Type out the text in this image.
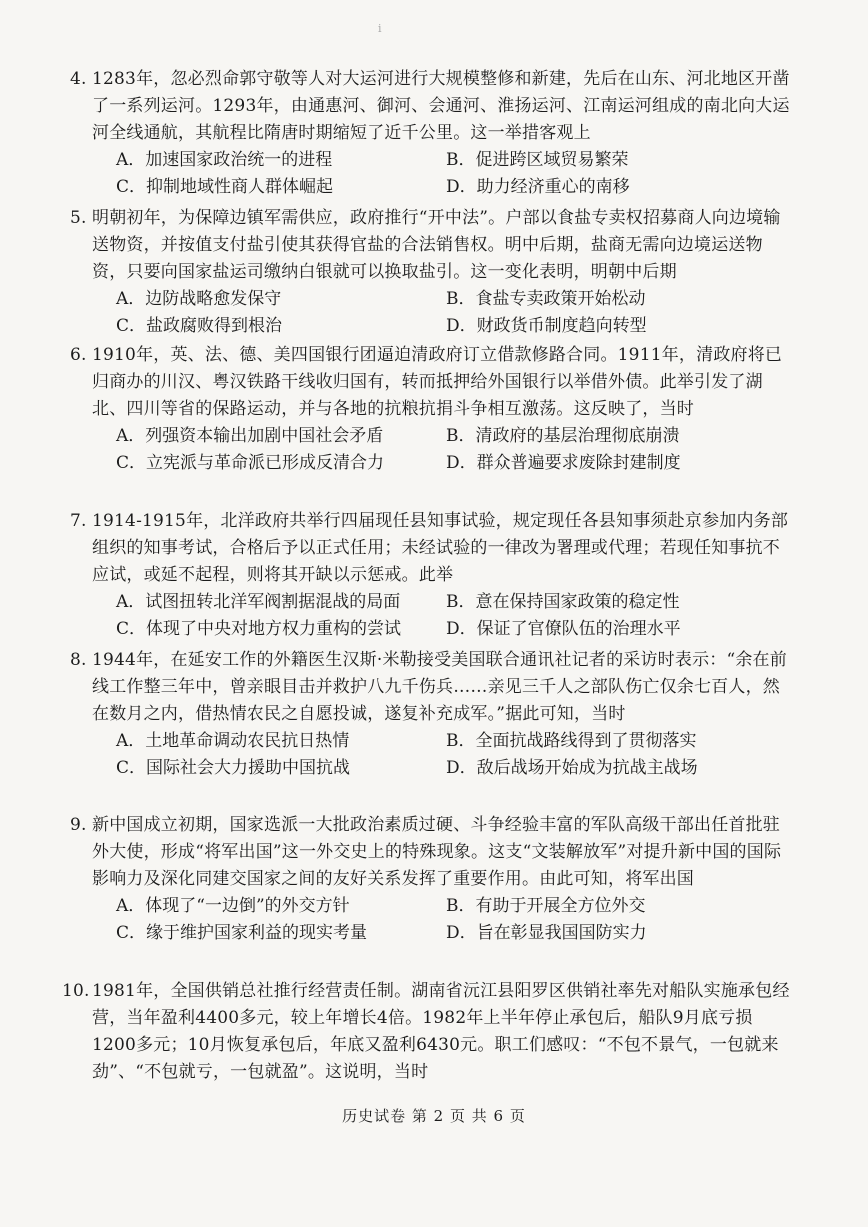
i
4. 1283年，忽必烈命郭守敬等人对大运河进行大规模整修和新建，先后在山东、河北地区开凿了一系列运河。1293年，由通惠河、御河、会通河、淮扬运河、江南运河组成的南北向大运河全线通航，其航程比隋唐时期缩短了近千公里。这一举措客观上
A．加速国家政治统一的进程	B．促进跨区域贸易繁荣
C．抑制地域性商人群体崛起	D．助力经济重心的南移
5. 明朝初年，为保障边镇军需供应，政府推行“开中法”。户部以食盐专卖权招募商人向边境输送物资，并按值支付盐引使其获得官盐的合法销售权。明中后期，盐商无需向边境运送物资，只要向国家盐运司缴纳白银就可以换取盐引。这一变化表明，明朝中后期
A．边防战略愈发保守	B．食盐专卖政策开始松动
C．盐政腐败得到根治	D．财政货币制度趋向转型
6. 1910年，英、法、德、美四国银行团逼迫清政府订立借款修路合同。1911年，清政府将已归商办的川汉、粤汉铁路干线收归国有，转而抵押给外国银行以举借外债。此举引发了湖北、四川等省的保路运动，并与各地的抗粮抗捐斗争相互激荡。这反映了，当时
A．列强资本输出加剧中国社会矛盾	B．清政府的基层治理彻底崩溃
C．立宪派与革命派已形成反清合力	D．群众普遍要求废除封建制度
7. 1914-1915年，北洋政府共举行四届现任县知事试验，规定现任各县知事须赴京参加内务部组织的知事考试，合格后予以正式任用；未经试验的一律改为署理或代理；若现任知事抗不应试，或延不起程，则将其开缺以示惩戒。此举
A．试图扭转北洋军阀割据混战的局面	B．意在保持国家政策的稳定性
C．体现了中央对地方权力重构的尝试	D．保证了官僚队伍的治理水平
8. 1944年，在延安工作的外籍医生汉斯·米勒接受美国联合通讯社记者的采访时表示：“余在前线工作整三年中，曾亲眼目击并救护八九千伤兵……亲见三千人之部队伤亡仅余七百人，然在数月之内，借热情农民之自愿投诚，遂复补充成军。”据此可知，当时
A．土地革命调动农民抗日热情	B．全面抗战路线得到了贯彻落实
C．国际社会大力援助中国抗战	D．敌后战场开始成为抗战主战场
9. 新中国成立初期，国家选派一大批政治素质过硬、斗争经验丰富的军队高级干部出任首批驻外大使，形成“将军出国”这一外交史上的特殊现象。这支“文装解放军”对提升新中国的国际影响力及深化同建交国家之间的友好关系发挥了重要作用。由此可知，将军出国
A．体现了“一边倒”的外交方针	B．有助于开展全方位外交
C．缘于维护国家利益的现实考量	D．旨在彰显我国国防实力
10. 1981年，全国供销总社推行经营责任制。湖南省沅江县阳罗区供销社率先对船队实施承包经营，当年盈利4400多元，较上年增长4倍。1982年上半年停止承包后，船队9月底亏损1200多元；10月恢复承包后，年底又盈利6430元。职工们感叹：“不包不景气，一包就来劲”、“不包就亏，一包就盈”。这说明，当时
历史试卷 第 2 页 共 6 页
